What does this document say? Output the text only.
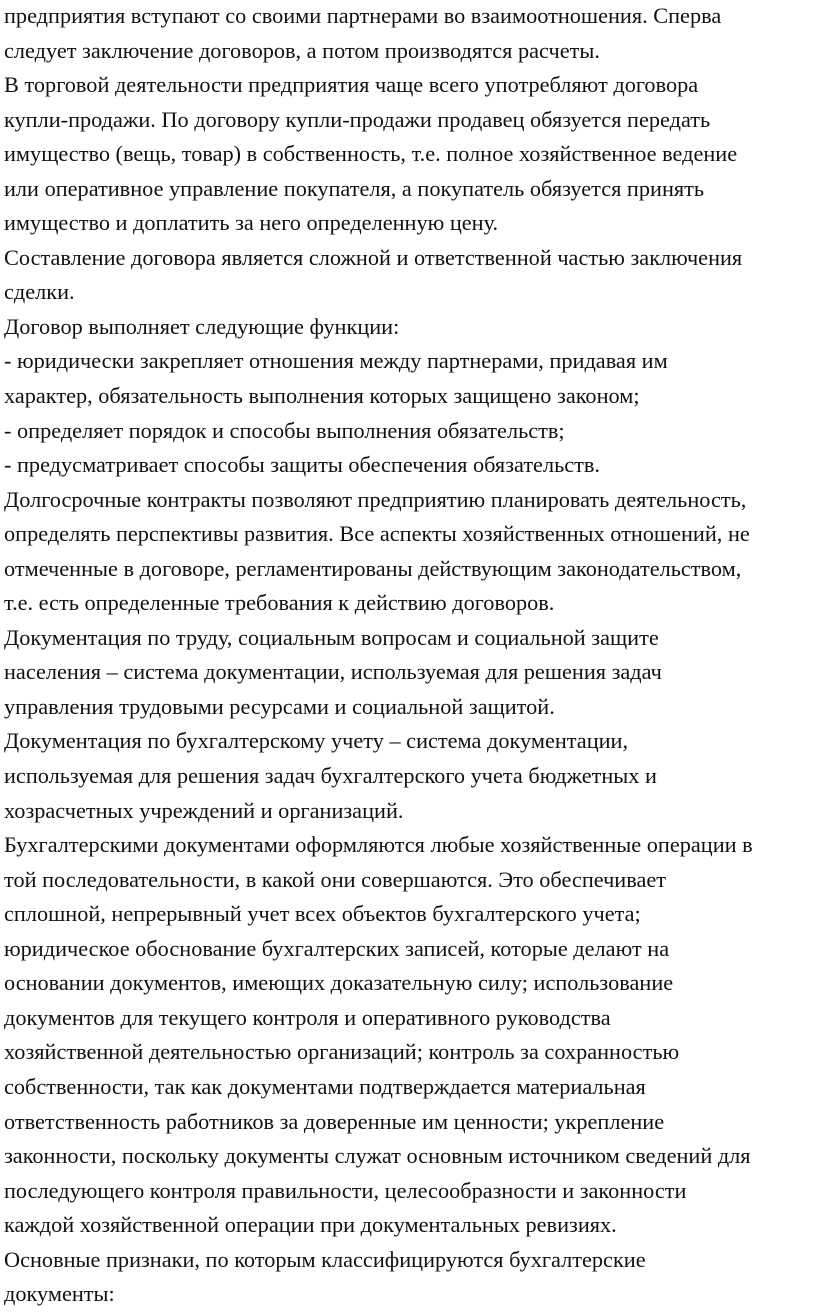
предприятия вступают со своими партнерами во взаимоотношения. Сперва
следует заключение договоров, а потом производятся расчеты.
В торговой деятельности предприятия чаще всего употребляют договора
купли-продажи. По договору купли-продажи продавец обязуется передать
имущество (вещь, товар) в собственность, т.е. полное хозяйственное ведение
или оперативное управление покупателя, а покупатель обязуется принять
имущество и доплатить за него определенную цену.
Составление договора является сложной и ответственной частью заключения
сделки.
Договор выполняет следующие функции:
- юридически закрепляет отношения между партнерами, придавая им
характер, обязательность выполнения которых защищено законом;
- определяет порядок и способы выполнения обязательств;
- предусматривает способы защиты обеспечения обязательств.
Долгосрочные контракты позволяют предприятию планировать деятельность,
определять перспективы развития. Все аспекты хозяйственных отношений, не
отмеченные в договоре, регламентированы действующим законодательством,
т.е. есть определенные требования к действию договоров.
Документация по труду, социальным вопросам и социальной защите
населения – система документации, используемая для решения задач
управления трудовыми ресурсами и социальной защитой.
Документация по бухгалтерскому учету – система документации,
используемая для решения задач бухгалтерского учета бюджетных и
хозрасчетных учреждений и организаций.
Бухгалтерскими документами оформляются любые хозяйственные операции в
той последовательности, в какой они совершаются. Это обеспечивает
сплошной, непрерывный учет всех объектов бухгалтерского учета;
юридическое обоснование бухгалтерских записей, которые делают на
основании документов, имеющих доказательную силу; использование
документов для текущего контроля и оперативного руководства
хозяйственной деятельностью организаций; контроль за сохранностью
собственности, так как документами подтверждается материальная
ответственность работников за доверенные им ценности; укрепление
законности, поскольку документы служат основным источником сведений для
последующего контроля правильности, целесообразности и законности
каждой хозяйственной операции при документальных ревизиях.
Основные признаки, по которым классифицируются бухгалтерские
документы:
